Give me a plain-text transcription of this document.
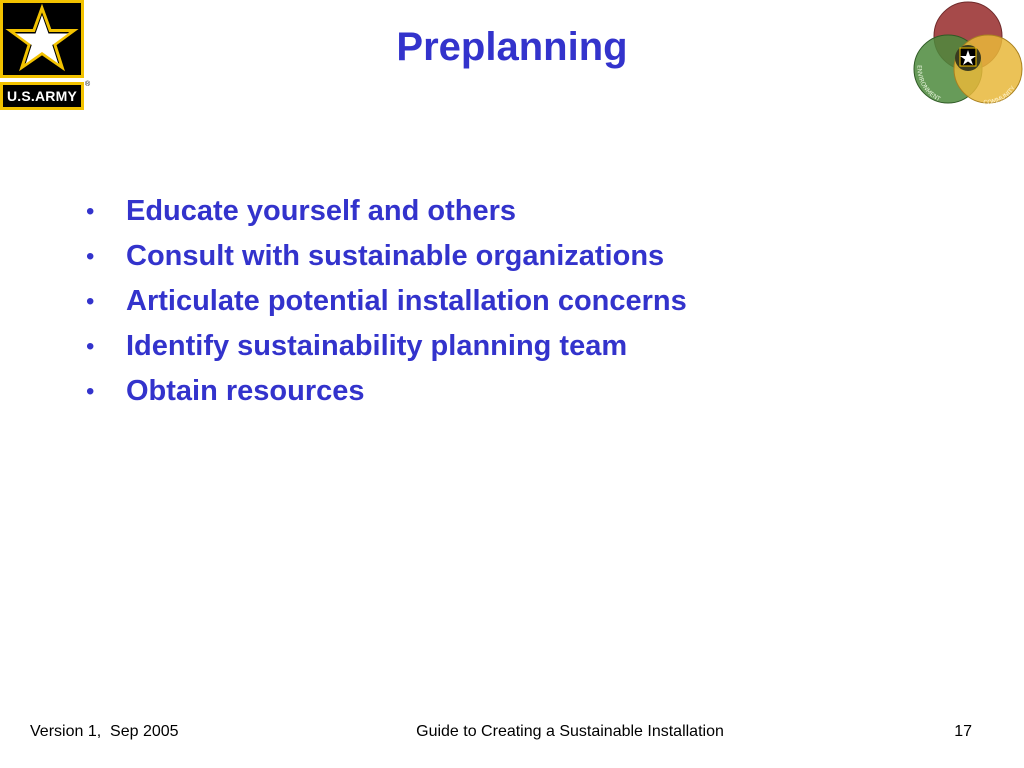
U.S.ARMY
®
Preplanning	ENVIRONMENT	COMMUNITY
• Educate yourself and others
• Consult with sustainable organizations
• Articulate potential installation concerns
• Identify sustainability planning team
• Obtain resources
Version 1,  Sep 2005	Guide to Creating a Sustainable Installation	17
